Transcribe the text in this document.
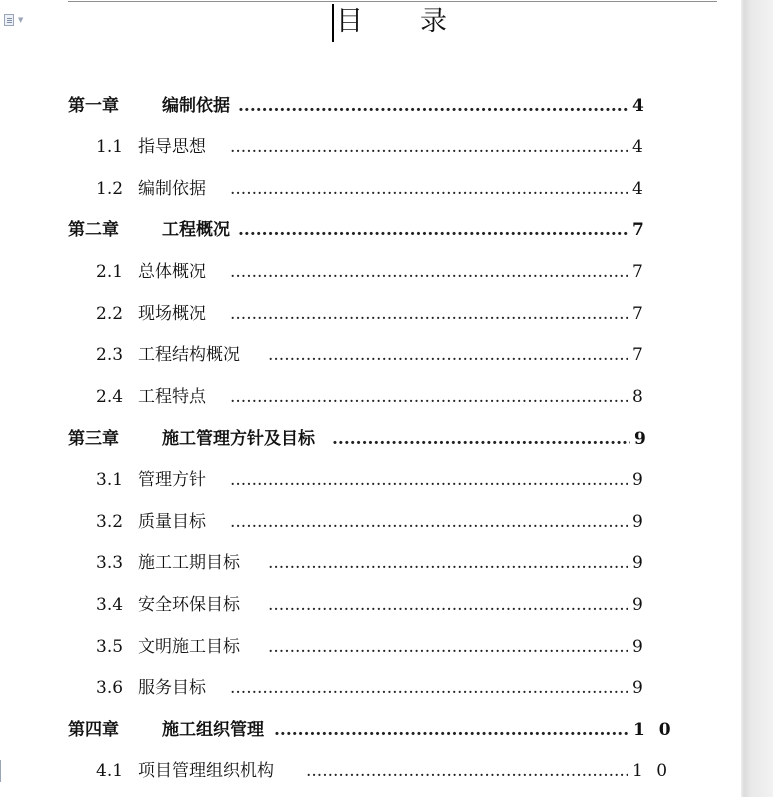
▼	目 录
第一章	编制依据 .....	4
1.1 指导思想 .....	4
1.2 编制依据 .....	4
第二章	工程概况 .....	7
2.1 总体概况 .....	7
2.2 现场概况 .....	7
2.3 工程结构概况 .....	7
2.4 工程特点 .....	8
第三章	施工管理方针及目标 .....	9
3.1 管理方针 .....	9
3.2 质量目标 .....	9
3.3 施工工期目标 .....	9
3.4 安全环保目标 .....	9
3.5 文明施工目标 .....	9
3.6 服务目标 .....	9
第四章	施工组织管理 .....	1 0
4.1 项目管理组织机构 .....	1 0
